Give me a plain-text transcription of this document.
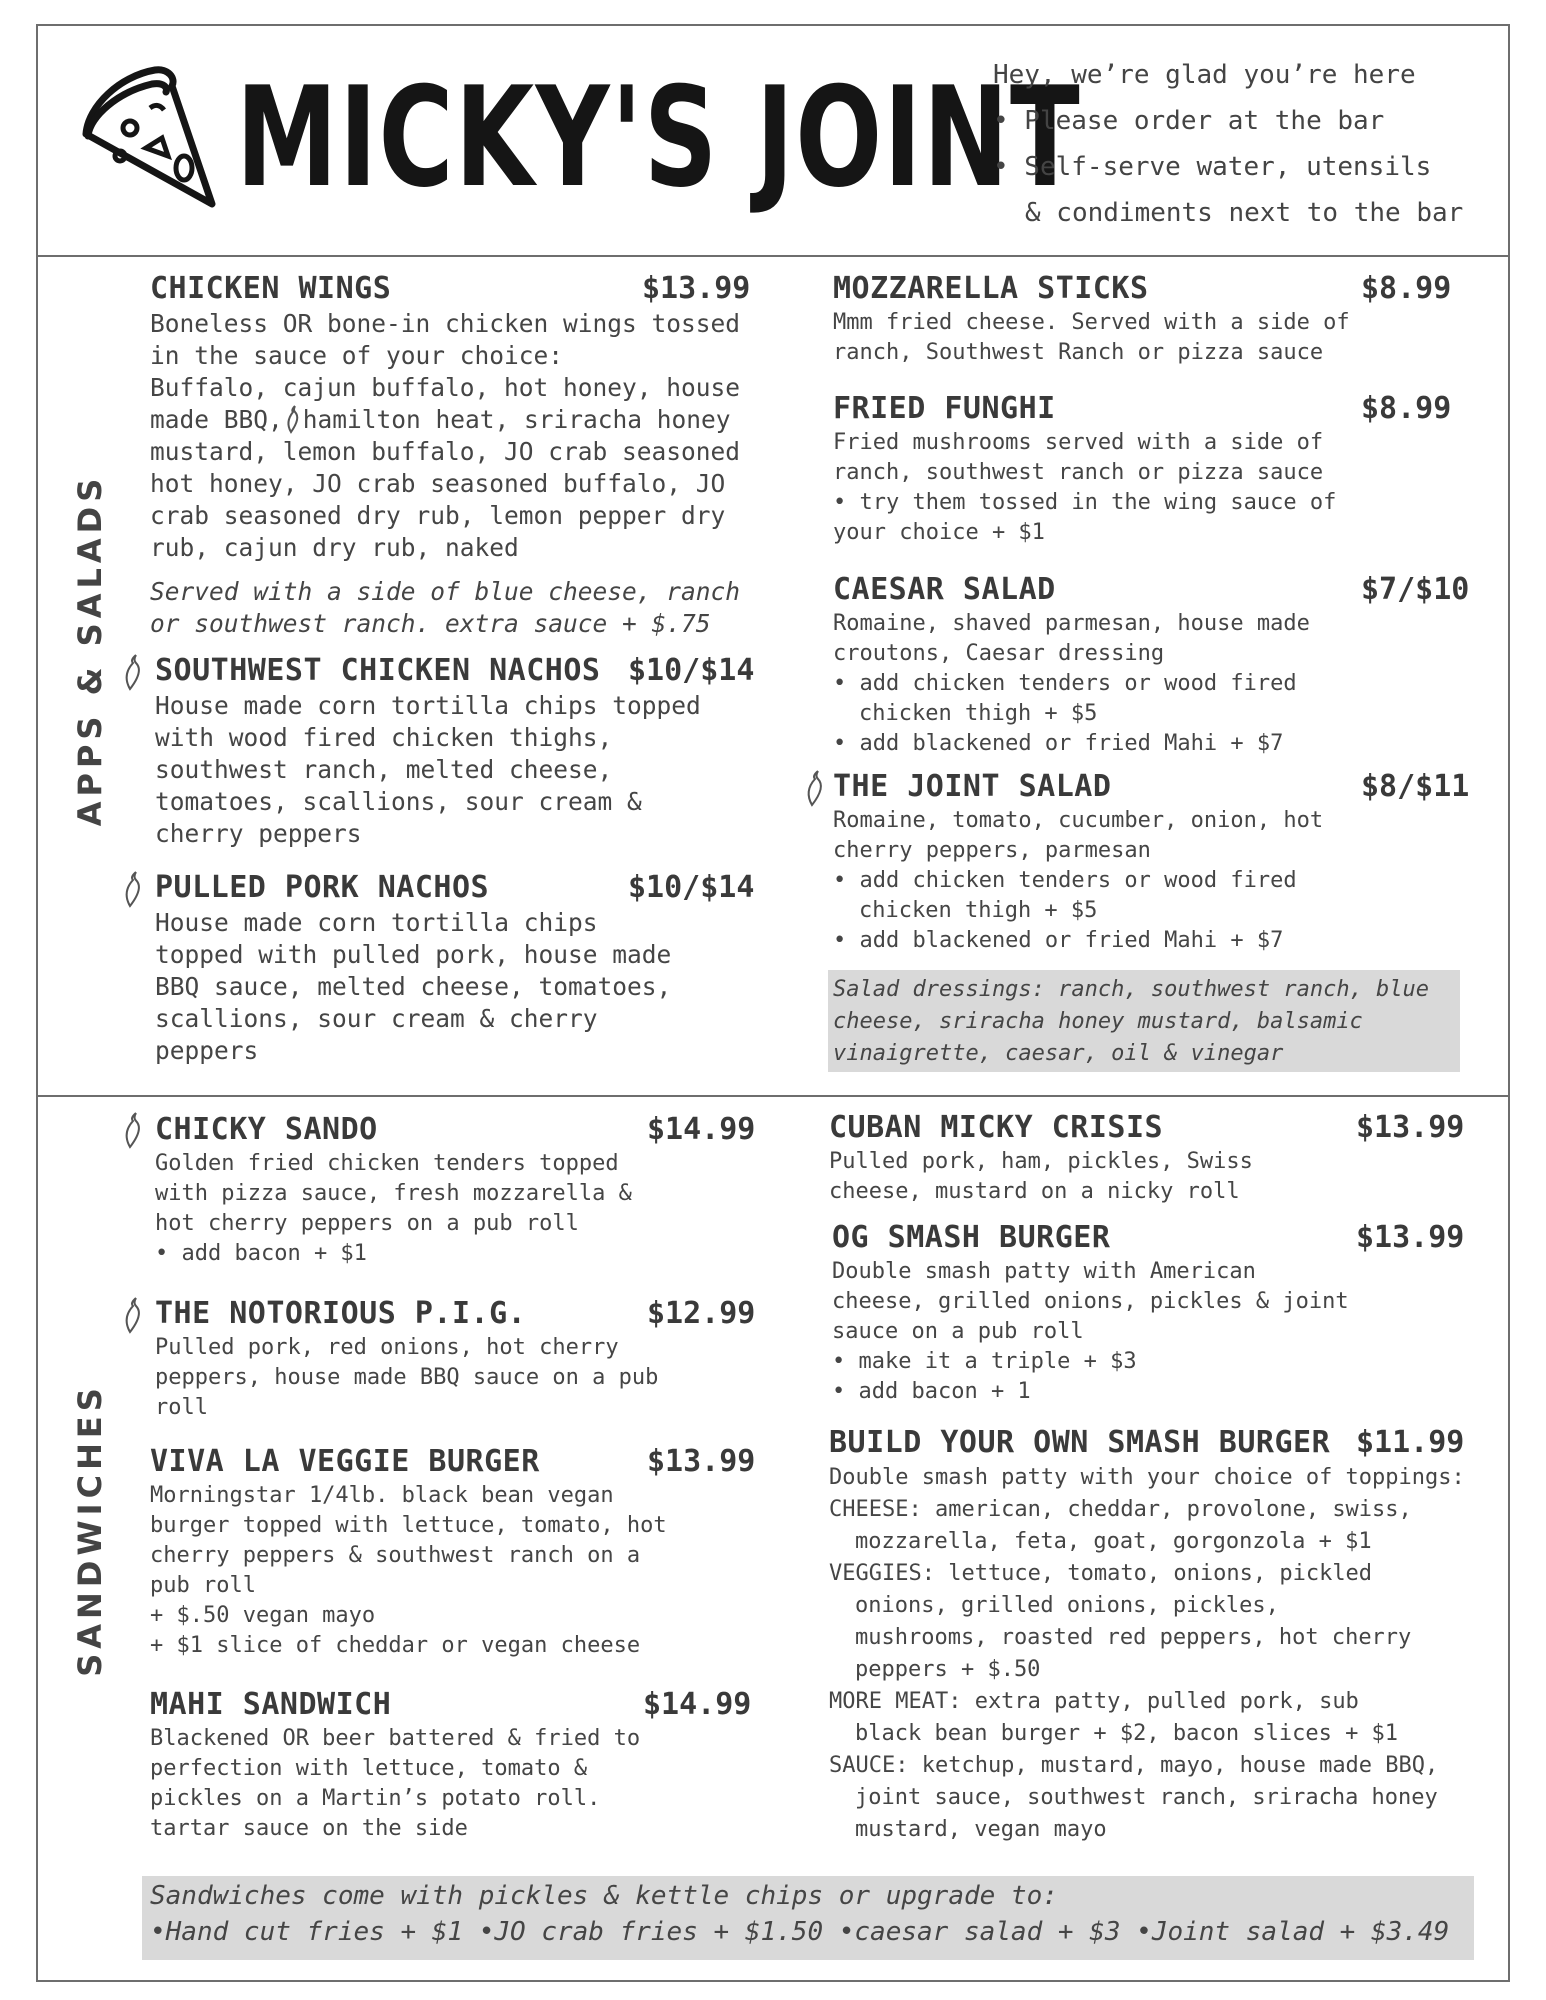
MICKY'S JOINT
Hey, we’re glad you’re here
• Please order at the bar
• Self-serve water, utensils
& condiments next to the bar
APPS & SALADS
SANDWICHES
CHICKEN WINGS	$13.99
Boneless OR bone-in chicken wings tossed
in the sauce of your choice:
Buffalo, cajun buffalo, hot honey, house
made BBQ, hamilton heat, sriracha honey
mustard, lemon buffalo, JO crab seasoned
hot honey, JO crab seasoned buffalo, JO
crab seasoned dry rub, lemon pepper dry
rub, cajun dry rub, naked
Served with a side of blue cheese, ranch
or southwest ranch. extra sauce + $.75
SOUTHWEST CHICKEN NACHOS $10/$14
House made corn tortilla chips topped
with wood fired chicken thighs,
southwest ranch, melted cheese,
tomatoes, scallions, sour cream &
cherry peppers
PULLED PORK NACHOS	$10/$14
House made corn tortilla chips
topped with pulled pork, house made
BBQ sauce, melted cheese, tomatoes,
scallions, sour cream & cherry
peppers
MOZZARELLA STICKS	$8.99
Mmm fried cheese. Served with a side of
ranch, Southwest Ranch or pizza sauce
FRIED FUNGHI	$8.99
Fried mushrooms served with a side of
ranch, southwest ranch or pizza sauce
• try them tossed in the wing sauce of
your choice + $1
CAESAR SALAD	$7/$10
Romaine, shaved parmesan, house made
croutons, Caesar dressing
• add chicken tenders or wood fired
chicken thigh + $5
• add blackened or fried Mahi + $7
THE JOINT SALAD	$8/$11
Romaine, tomato, cucumber, onion, hot
cherry peppers, parmesan
• add chicken tenders or wood fired
chicken thigh + $5
• add blackened or fried Mahi + $7
Salad dressings: ranch, southwest ranch, blue
cheese, sriracha honey mustard, balsamic
vinaigrette, caesar, oil & vinegar
CHICKY SANDO	$14.99
Golden fried chicken tenders topped
with pizza sauce, fresh mozzarella &
hot cherry peppers on a pub roll
• add bacon + $1
THE NOTORIOUS P.I.G.	$12.99
Pulled pork, red onions, hot cherry
peppers, house made BBQ sauce on a pub
roll
VIVA LA VEGGIE BURGER	$13.99
Morningstar 1/4lb. black bean vegan
burger topped with lettuce, tomato, hot
cherry peppers & southwest ranch on a
pub roll
+ $.50 vegan mayo
+ $1 slice of cheddar or vegan cheese
MAHI SANDWICH	$14.99
Blackened OR beer battered & fried to
perfection with lettuce, tomato &
pickles on a Martin’s potato roll.
tartar sauce on the side
CUBAN MICKY CRISIS	$13.99
Pulled pork, ham, pickles, Swiss
cheese, mustard on a nicky roll
OG SMASH BURGER	$13.99
Double smash patty with American
cheese, grilled onions, pickles & joint
sauce on a pub roll
• make it a triple + $3
• add bacon + 1
BUILD YOUR OWN SMASH BURGER $11.99
Double smash patty with your choice of toppings:
CHEESE: american, cheddar, provolone, swiss,
mozzarella, feta, goat, gorgonzola + $1
VEGGIES: lettuce, tomato, onions, pickled
onions, grilled onions, pickles,
mushrooms, roasted red peppers, hot cherry
peppers + $.50
MORE MEAT: extra patty, pulled pork, sub
black bean burger + $2, bacon slices + $1
SAUCE: ketchup, mustard, mayo, house made BBQ,
joint sauce, southwest ranch, sriracha honey
mustard, vegan mayo
Sandwiches come with pickles & kettle chips or upgrade to:
•Hand cut fries + $1 •JO crab fries + $1.50 •caesar salad + $3 •Joint salad + $3.49
